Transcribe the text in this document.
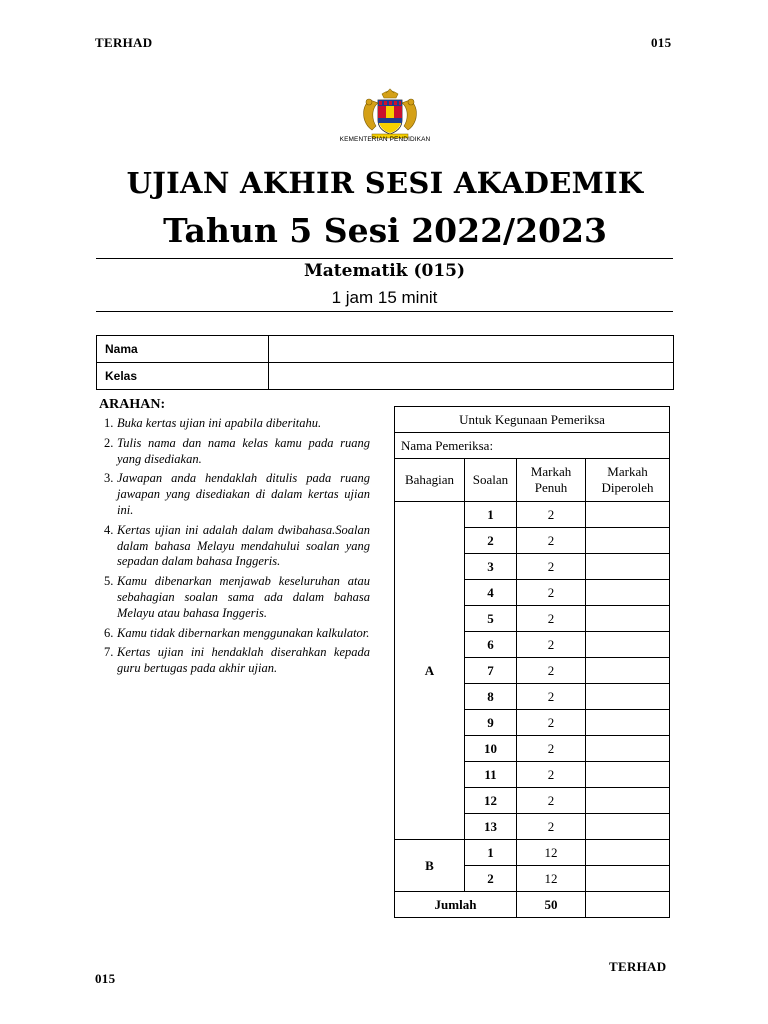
TERHAD	015
KEMENTERIAN PENDIDIKAN
UJIAN AKHIR SESI AKADEMIK
Tahun 5 Sesi 2022/2023
Matematik (015)
1 jam 15 minit
Nama	
Kelas	
ARAHAN:
1. Buka kertas ujian ini apabila diberitahu.
2. Tulis nama dan nama kelas kamu pada ruang yang disediakan.
3. Jawapan anda hendaklah ditulis pada ruang jawapan yang disediakan di dalam kertas ujian ini.
4. Kertas ujian ini adalah dalam dwibahasa.Soalan dalam bahasa Melayu mendahului soalan yang sepadan dalam bahasa Inggeris.
5. Kamu dibenarkan menjawab keseluruhan atau sebahagian soalan sama ada dalam bahasa Melayu atau bahasa Inggeris.
6. Kamu tidak dibernarkan menggunakan kalkulator.
7. Kertas ujian ini hendaklah diserahkan kepada guru bertugas pada akhir ujian.
Untuk Kegunaan Pemeriksa			
Nama Pemeriksa:			
Bahagian	Soalan	Markah Penuh	Markah Diperoleh
A	1	2	
	2	2	
	3	2	
	4	2	
	5	2	
	6	2	
	7	2	
	8	2	
	9	2	
	10	2	
	11	2	
	12	2	
	13	2	
B	1	12	
	2	12	
Jumlah		50	
015
TERHAD
